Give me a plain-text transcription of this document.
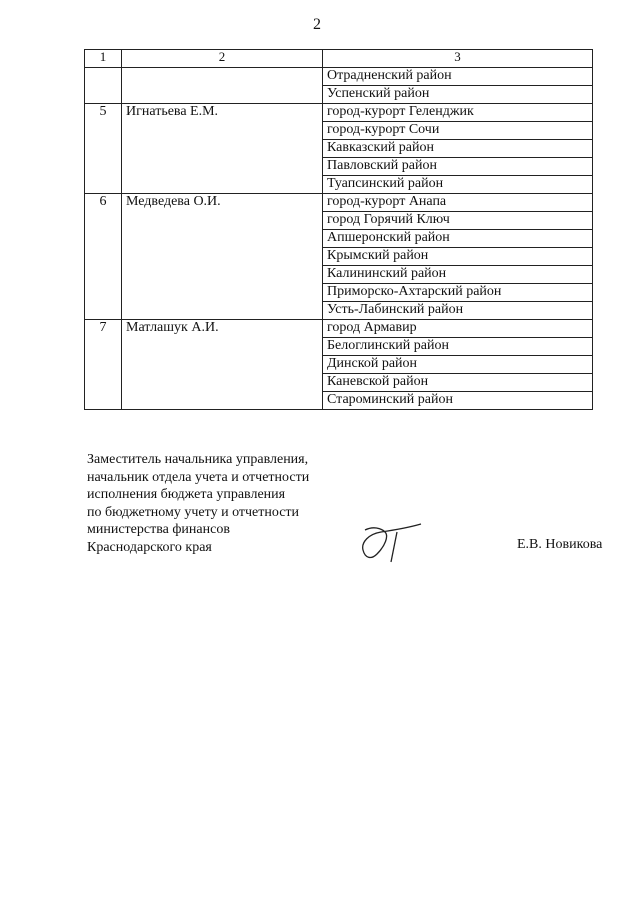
2
1	2	3
		Отрадненский район
		Успенский район
5	Игнатьева Е.М.	город-курорт Геленджик
		город-курорт Сочи
		Кавказский район
		Павловский район
		Туапсинский район
6	Медведева О.И.	город-курорт Анапа
		город Горячий Ключ
		Апшеронский район
		Крымский район
		Калининский район
		Приморско-Ахтарский район
		Усть-Лабинский район
7	Матлашук А.И.	город Армавир
		Белоглинский район
		Динской район
		Каневской район
		Староминский район
Заместитель начальника управления,
начальник отдела учета и отчетности
исполнения бюджета управления
по бюджетному учету и отчетности
министерства финансов
Краснодарского края	Е.В. Новикова
